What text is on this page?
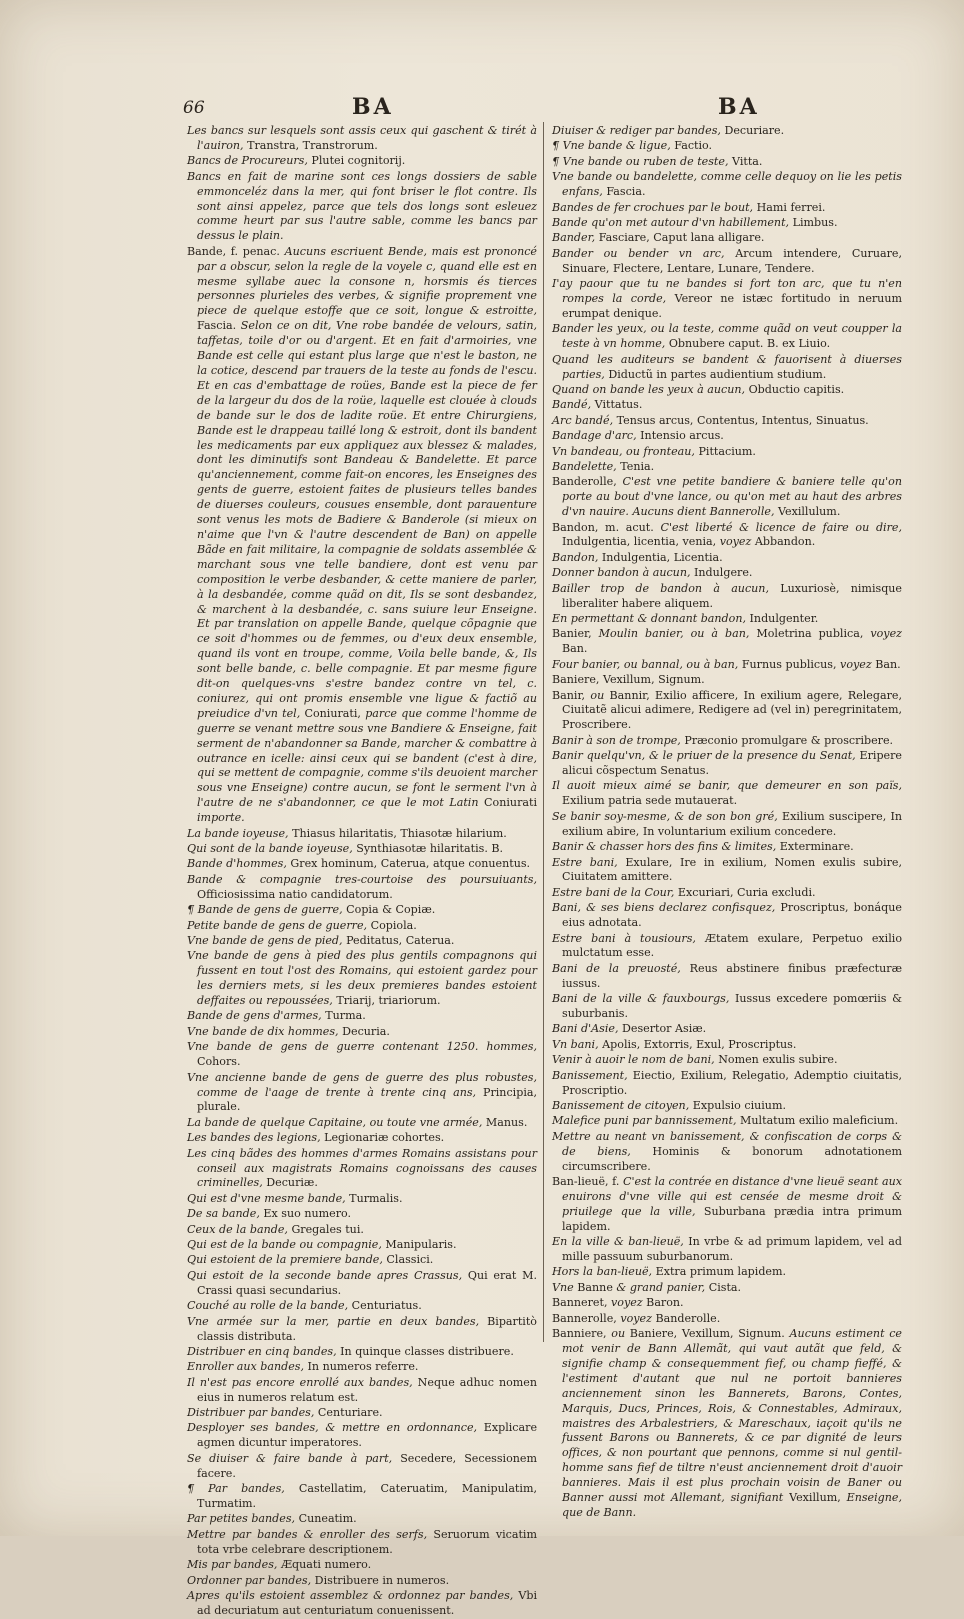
66	BA	BA

Les bancs sur lesquels sont assis ceux qui gaschent & tirét à l'auiron, Transtra, Transtrorum.

Bancs de Procureurs, Plutei cognitorij.

Bancs en fait de marine sont ces longs dossiers de sable emmonceléz dans la mer, qui font briser le flot contre. Ils sont ainsi appelez, parce que tels dos longs sont esleuez comme heurt par sus l'autre sable, comme les bancs par dessus le plain.

Bande, f. penac. Aucuns escriuent Bende, mais est prononcé par a obscur, selon la regle de la voyele c, quand elle est en mesme syllabe auec la consone n, horsmis és tierces personnes plurieles des verbes, & signifie proprement vne piece de quelque estoffe que ce soit, longue & estroitte, Fascia. Selon ce on dit, Vne robe bandée de velours, satin, taffetas, toile d'or ou d'argent. Et en fait d'armoiries, vne Bande est celle qui estant plus large que n'est le baston, ne la cotice, descend par trauers de la teste au fonds de l'escu. Et en cas d'embattage de roües, Bande est la piece de fer de la largeur du dos de la roüe, laquelle est clouée à clouds de bande sur le dos de ladite roüe. Et entre Chirurgiens, Bande est le drappeau taillé long & estroit, dont ils bandent les medicaments par eux appliquez aux blessez & malades, dont les diminutifs sont Bandeau & Bandelette. Et parce qu'anciennement, comme fait-on encores, les Enseignes des gents de guerre, estoient faites de plusieurs telles bandes de diuerses couleurs, cousues ensemble, dont parauenture sont venus les mots de Badiere & Banderole (si mieux on n'aime que l'vn & l'autre descendent de Ban) on appelle Bãde en fait militaire, la compagnie de soldats assemblée & marchant sous vne telle bandiere, dont est venu par composition le verbe desbander, & cette maniere de parler, à la desbandée, comme quãd on dit, Ils se sont desbandez, & marchent à la desbandée, c. sans suiure leur Enseigne. Et par translation on appelle Bande, quelque cõpagnie que ce soit d'hommes ou de femmes, ou d'eux deux ensemble, quand ils vont en troupe, comme, Voila belle bande, &, Ils sont belle bande, c. belle compagnie. Et par mesme figure dit-on quelques-vns s'estre bandez contre vn tel, c. coniurez, qui ont promis ensemble vne ligue & factiõ au preiudice d'vn tel, Coniurati, parce que comme l'homme de guerre se venant mettre sous vne Bandiere & Enseigne, fait serment de n'abandonner sa Bande, marcher & combattre à outrance en icelle: ainsi ceux qui se bandent (c'est à dire, qui se mettent de compagnie, comme s'ils deuoient marcher sous vne Enseigne) contre aucun, se font le serment l'vn à l'autre de ne s'abandonner, ce que le mot Latin Coniurati importe.

La bande ioyeuse, Thiasus hilaritatis, Thiasotæ hilarium.

Qui sont de la bande ioyeuse, Synthiasotæ hilaritatis. B.

Bande d'hommes, Grex hominum, Caterua, atque conuentus.

Bande & compagnie tres-courtoise des poursuiuants, Officiosissima natio candidatorum.

¶ Bande de gens de guerre, Copia & Copiæ.

Petite bande de gens de guerre, Copiola.

Vne bande de gens de pied, Peditatus, Caterua.

Vne bande de gens à pied des plus gentils compagnons qui fussent en tout l'ost des Romains, qui estoient gardez pour les derniers mets, si les deux premieres bandes estoient deffaites ou repoussées, Triarij, triariorum.

Bande de gens d'armes, Turma.

Vne bande de dix hommes, Decuria.

Vne bande de gens de guerre contenant 1250. hommes, Cohors.

Vne ancienne bande de gens de guerre des plus robustes, comme de l'aage de trente à trente cinq ans, Principia, plurale.

La bande de quelque Capitaine, ou toute vne armée, Manus.

Les bandes des legions, Legionariæ cohortes.

Les cinq bãdes des hommes d'armes Romains assistans pour conseil aux magistrats Romains cognoissans des causes criminelles, Decuriæ.

Qui est d'vne mesme bande, Turmalis.

De sa bande, Ex suo numero.

Ceux de la bande, Gregales tui.

Qui est de la bande ou compagnie, Manipularis.

Qui estoient de la premiere bande, Classici.

Qui estoit de la seconde bande apres Crassus, Qui erat M. Crassi quasi secundarius.

Couché au rolle de la bande, Centuriatus.

Vne armée sur la mer, partie en deux bandes, Bipartitò classis distributa.

Distribuer en cinq bandes, In quinque classes distribuere.

Enroller aux bandes, In numeros referre.

Il n'est pas encore enrollé aux bandes, Neque adhuc nomen eius in numeros relatum est.

Distribuer par bandes, Centuriare.

Desployer ses bandes, & mettre en ordonnance, Explicare agmen dicuntur imperatores.

Se diuiser & faire bande à part, Secedere, Secessionem facere.

¶ Par bandes, Castellatim, Cateruatim, Manipulatim, Turmatim.

Par petites bandes, Cuneatim.

Mettre par bandes & enroller des serfs, Seruorum vicatim tota vrbe celebrare descriptionem.

Mis par bandes, Æquati numero.

Ordonner par bandes, Distribuere in numeros.

Apres qu'ils estoient assemblez & ordonnez par bandes, Vbi ad decuriatum aut centuriatum conuenissent.

Diuiser & rediger par bandes, Decuriare.

¶ Vne bande & ligue, Factio.

¶ Vne bande ou ruben de teste, Vitta.

Vne bande ou bandelette, comme celle dequoy on lie les petis enfans, Fascia.

Bandes de fer crochues par le bout, Hami ferrei.

Bande qu'on met autour d'vn habillement, Limbus.

Bander, Fasciare, Caput lana alligare.

Bander ou bender vn arc, Arcum intendere, Curuare, Sinuare, Flectere, Lentare, Lunare, Tendere.

I'ay paour que tu ne bandes si fort ton arc, que tu n'en rompes la corde, Vereor ne istæc fortitudo in neruum erumpat denique.

Bander les yeux, ou la teste, comme quãd on veut coupper la teste à vn homme, Obnubere caput. B. ex Liuio.

Quand les auditeurs se bandent & fauorisent à diuerses parties, Diductũ in partes audientium studium.

Quand on bande les yeux à aucun, Obductio capitis.

Bandé, Vittatus.

Arc bandé, Tensus arcus, Contentus, Intentus, Sinuatus.

Bandage d'arc, Intensio arcus.

Vn bandeau, ou fronteau, Pittacium.

Bandelette, Tenia.

Banderolle, C'est vne petite bandiere & baniere telle qu'on porte au bout d'vne lance, ou qu'on met au haut des arbres d'vn nauire. Aucuns dient Bannerolle, Vexillulum.

Bandon, m. acut. C'est liberté & licence de faire ou dire, Indulgentia, licentia, venia, voyez Abbandon.

Bandon, Indulgentia, Licentia.

Donner bandon à aucun, Indulgere.

Bailler trop de bandon à aucun, Luxuriosè, nimisque liberaliter habere aliquem.

En permettant & donnant bandon, Indulgenter.

Banier, Moulin banier, ou à ban, Moletrina publica, voyez Ban.

Four banier, ou bannal, ou à ban, Furnus publicus, voyez Ban.

Baniere, Vexillum, Signum.

Banir, ou Bannir, Exilio afficere, In exilium agere, Relegare, Ciuitatẽ alicui adimere, Redigere ad (vel in) peregrinitatem, Proscribere.

Banir à son de trompe, Præconio promulgare & proscribere.

Banir quelqu'vn, & le priuer de la presence du Senat, Eripere alicui cõspectum Senatus.

Il auoit mieux aimé se banir, que demeurer en son païs, Exilium patria sede mutauerat.

Se banir soy-mesme, & de son bon gré, Exilium suscipere, In exilium abire, In voluntarium exilium concedere.

Banir & chasser hors des fins & limites, Exterminare.

Estre bani, Exulare, Ire in exilium, Nomen exulis subire, Ciuitatem amittere.

Estre bani de la Cour, Excuriari, Curia excludi.

Bani, & ses biens declarez confisquez, Proscriptus, bonáque eius adnotata.

Estre bani à tousiours, Ætatem exulare, Perpetuo exilio mulctatum esse.

Bani de la preuosté, Reus abstinere finibus præfecturæ iussus.

Bani de la ville & fauxbourgs, Iussus excedere pomœriis & suburbanis.

Bani d'Asie, Desertor Asiæ.

Vn bani, Apolis, Extorris, Exul, Proscriptus.

Venir à auoir le nom de bani, Nomen exulis subire.

Banissement, Eiectio, Exilium, Relegatio, Ademptio ciuitatis, Proscriptio.

Banissement de citoyen, Expulsio ciuium.

Malefice puni par bannissement, Multatum exilio maleficium.

Mettre au neant vn banissement, & confiscation de corps & de biens, Hominis & bonorum adnotationem circumscribere.

Ban-lieuë, f. C'est la contrée en distance d'vne lieuë seant aux enuirons d'vne ville qui est censée de mesme droit & priuilege que la ville, Suburbana prædia intra primum lapidem.

En la ville & ban-lieuë, In vrbe & ad primum lapidem, vel ad mille passuum suburbanorum.

Hors la ban-lieuë, Extra primum lapidem.

Vne Banne & grand panier, Cista.

Banneret, voyez Baron.

Bannerolle, voyez Banderolle.

Banniere, ou Baniere, Vexillum, Signum. Aucuns estiment ce mot venir de Bann Allemãt, qui vaut autãt que feld, & signifie champ & consequemment fief, ou champ fieffé, & l'estiment d'autant que nul ne portoit bannieres anciennement sinon les Bannerets, Barons, Contes, Marquis, Ducs, Princes, Rois, & Connestables, Admiraux, maistres des Arbalestriers, & Mareschaux, iaçoit qu'ils ne fussent Barons ou Bannerets, & ce par dignité de leurs offices, & non pourtant que pennons, comme si nul gentil-homme sans fief de tiltre n'eust anciennement droit d'auoir bannieres. Mais il est plus prochain voisin de Baner ou Banner aussi mot Allemant, signifiant Vexillum, Enseigne, que de Bann.
